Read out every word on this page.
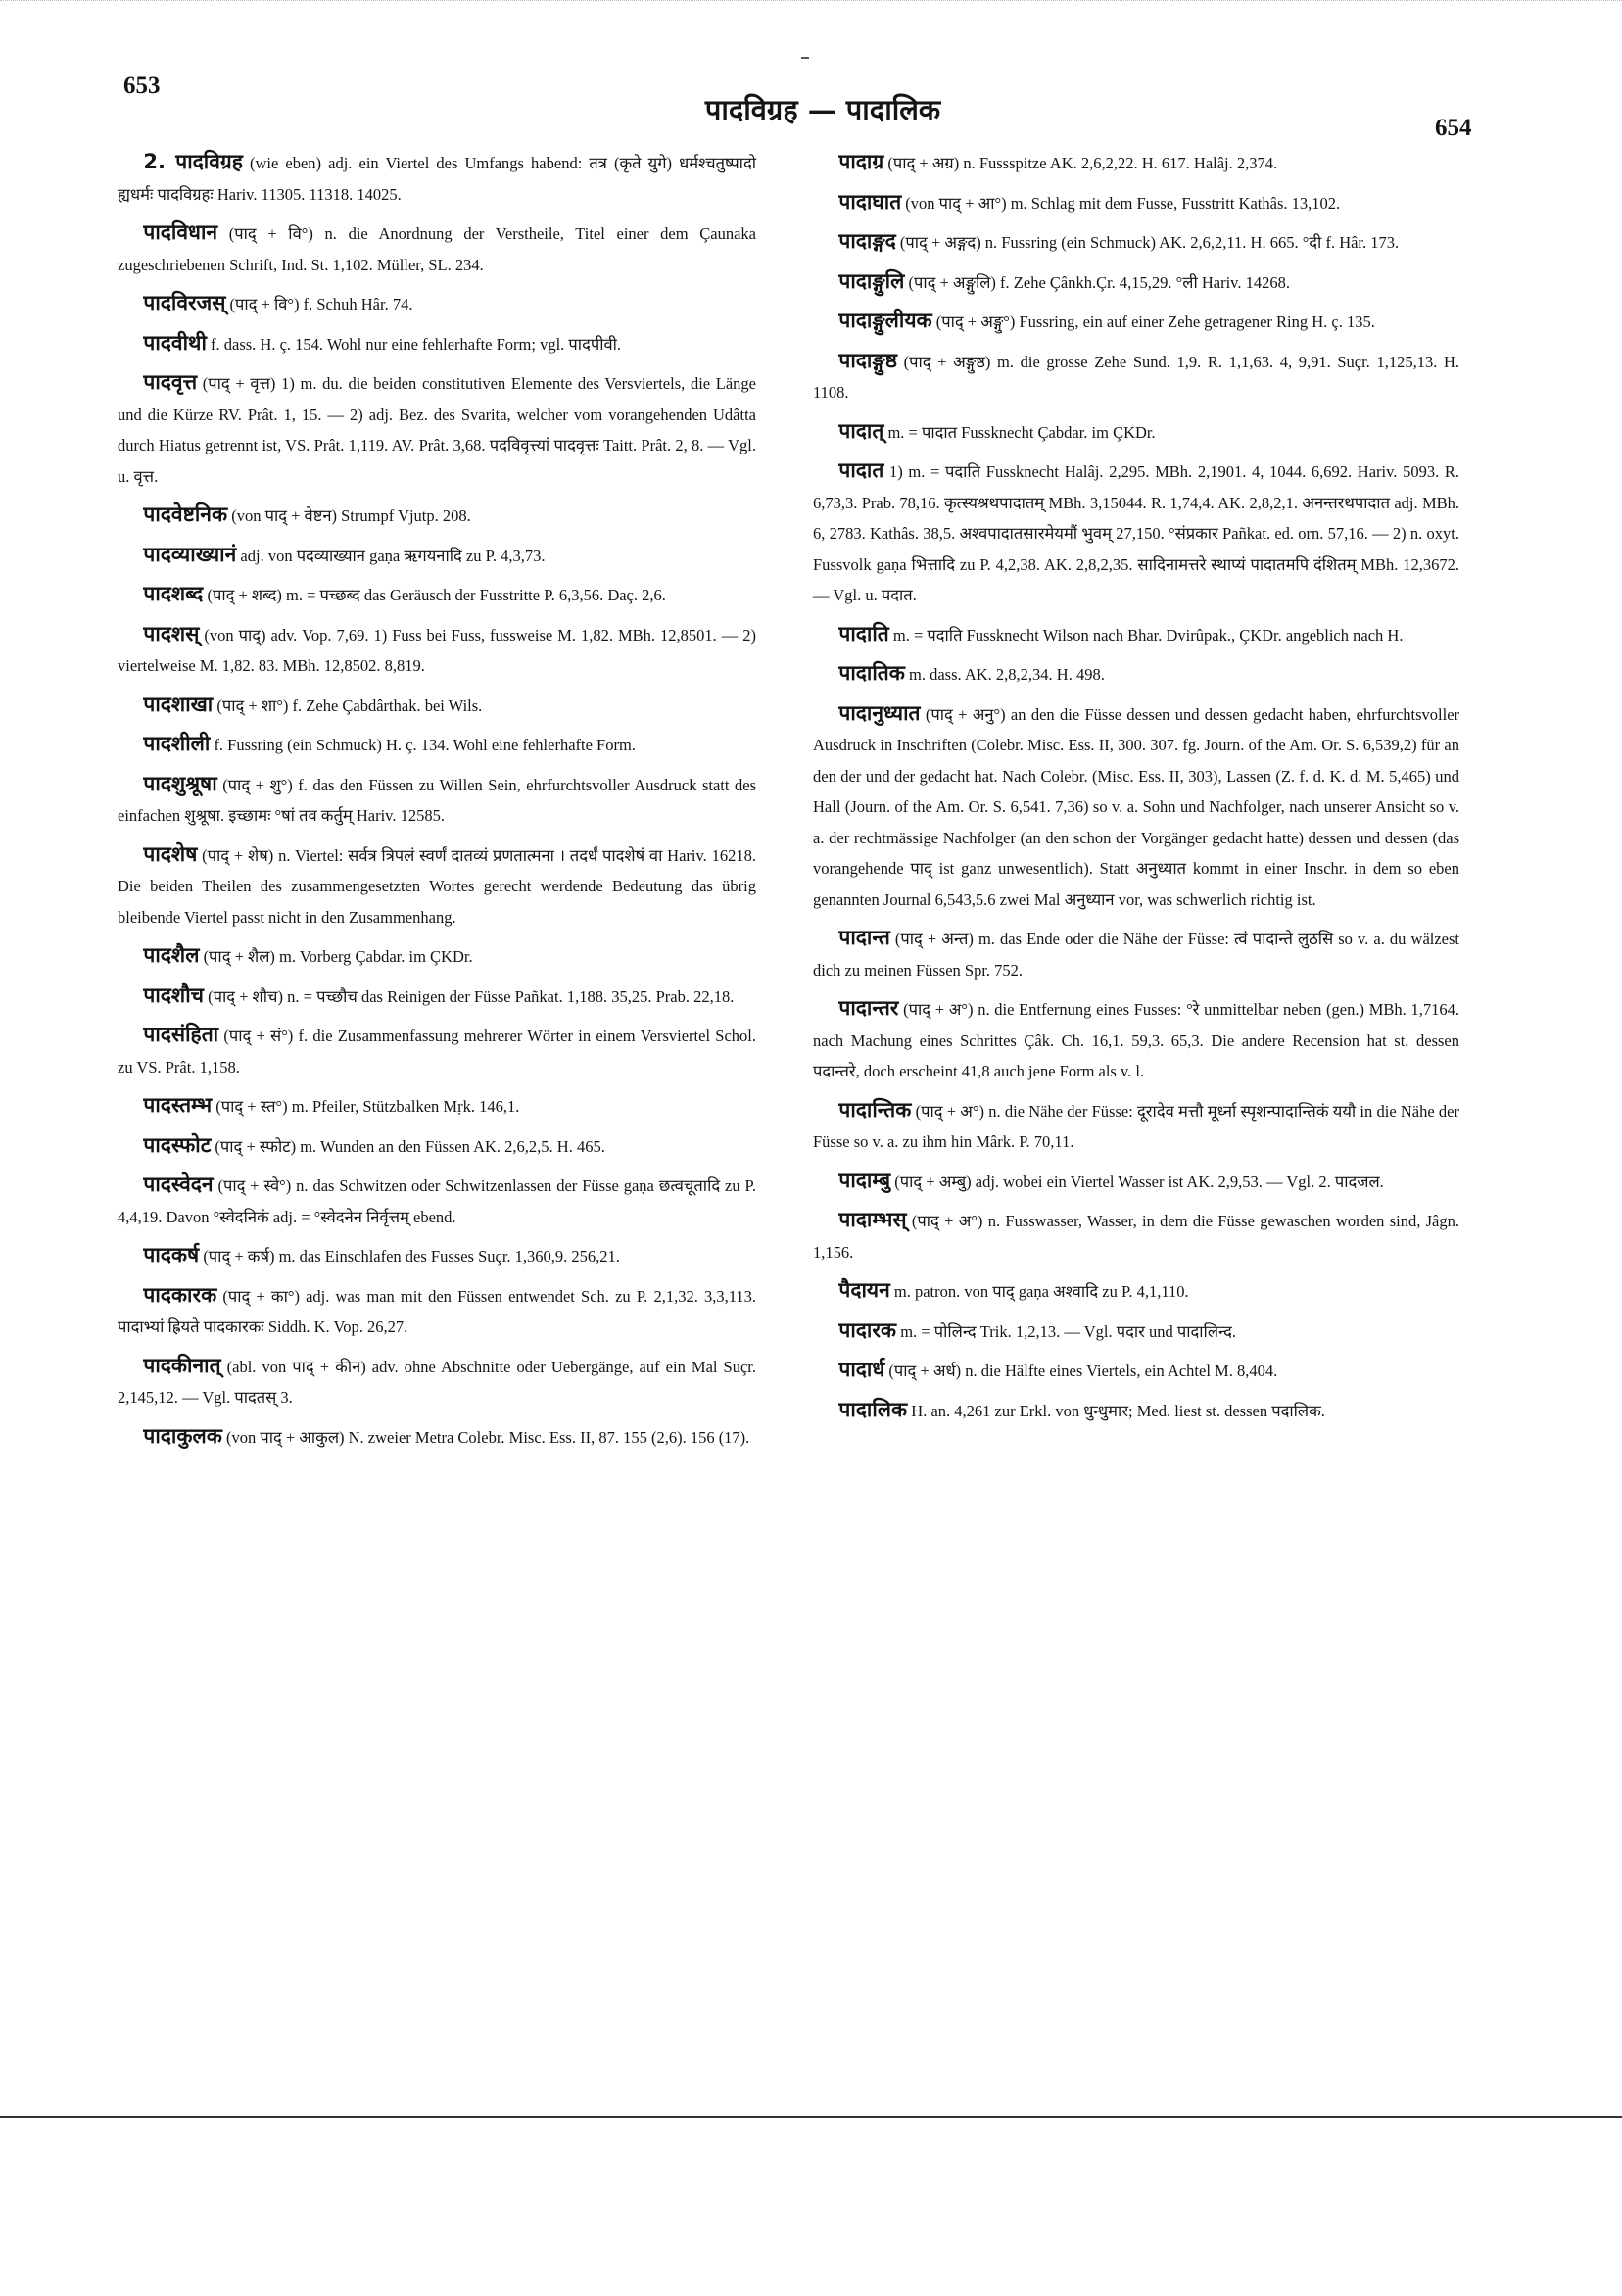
653
पादविग्रह — पादालिक
654

2. पादविग्रह (wie eben) adj. ein Viertel des Umfangs habend: तत्र (कृते युगे) धर्मश्चतुष्पादो ह्यधर्मः पादविग्रहः Hariv. 11305. 11318. 14025.

पादविधान (पाद् + वि°) n. die Anordnung der Verstheile, Titel einer dem Çaunaka zugeschriebenen Schrift, Ind. St. 1,102. Müller, SL. 234.

पादविरजस् (पाद् + वि°) f. Schuh Hâr. 74.

पादवीथी f. dass. H. ç. 154. Wohl nur eine fehlerhafte Form; vgl. पादपीवी.

पादवृत्त (पाद् + वृत्त) 1) m. du. die beiden constitutiven Elemente des Versviertels, die Länge und die Kürze RV. Prât. 1, 15. — 2) adj. Bez. des Svarita, welcher vom vorangehenden Udâtta durch Hiatus getrennt ist, VS. Prât. 1,119. AV. Prât. 3,68. पदविवृत्त्यां पादवृत्तः Taitt. Prât. 2, 8. — Vgl. u. वृत्त.

पादवेष्टनिक (von पाद् + वेष्टन) Strumpf Vjutp. 208.

पादव्याख्यानं adj. von पदव्याख्यान gaṇa ऋगयनादि zu P. 4,3,73.

पादशब्द (पाद् + शब्द) m. = पच्छब्द das Geräusch der Fusstritte P. 6,3,56. Daç. 2,6.

पादशस् (von पाद्) adv. Vop. 7,69. 1) Fuss bei Fuss, fussweise M. 1,82. MBh. 12,8501. — 2) viertelweise M. 1,82. 83. MBh. 12,8502. 8,819.

पादशाखा (पाद् + शा°) f. Zehe Çabdârthak. bei Wils.

पादशीली f. Fussring (ein Schmuck) H. ç. 134. Wohl eine fehlerhafte Form.

पादशुश्रूषा (पाद् + शु°) f. das den Füssen zu Willen Sein, ehrfurchtsvoller Ausdruck statt des einfachen शुश्रूषा. इच्छामः °षां तव कर्तुम् Hariv. 12585.

पादशेष (पाद् + शेष) n. Viertel: सर्वत्र त्रिपलं स्वर्णं दातव्यं प्रणतात्मना । तदर्धं पादशेषं वा Hariv. 16218. Die beiden Theilen des zusammengesetzten Wortes gerecht werdende Bedeutung das übrig bleibende Viertel passt nicht in den Zusammenhang.

पादशैल (पाद् + शैल) m. Vorberg Çabdar. im ÇKDr.

पादशौच (पाद् + शौच) n. = पच्छौच das Reinigen der Füsse Pañkat. 1,188. 35,25. Prab. 22,18.

पादसंहिता (पाद् + सं°) f. die Zusammenfassung mehrerer Wörter in einem Versviertel Schol. zu VS. Prât. 1,158.

पादस्तम्भ (पाद् + स्त°) m. Pfeiler, Stützbalken Mṛk. 146,1.

पादस्फोट (पाद् + स्फोट) m. Wunden an den Füssen AK. 2,6,2,5. H. 465.

पादस्वेदन (पाद् + स्वे°) n. das Schwitzen oder Schwitzenlassen der Füsse gaṇa छत्वचूतादि zu P. 4,4,19. Davon °स्वेदनिकं adj. = °स्वेदनेन निर्वृत्तम् ebend.

पादकर्ष (पाद् + कर्ष) m. das Einschlafen des Fusses Suçr. 1,360,9. 256,21.

पादकारक (पाद् + का°) adj. was man mit den Füssen entwendet Sch. zu P. 2,1,32. 3,3,113. पादाभ्यां ह्रियते पादकारकः Siddh. K. Vop. 26,27.

पादकीनात् (abl. von पाद् + कीन) adv. ohne Abschnitte oder Uebergänge, auf ein Mal Suçr. 2,145,12. — Vgl. पादतस् 3.

पादाकुलक (von पाद् + आकुल) N. zweier Metra Colebr. Misc. Ess. II, 87. 155 (2,6). 156 (17).

पादाग्र (पाद् + अग्र) n. Fussspitze AK. 2,6,2,22. H. 617. Halâj. 2,374.

पादाघात (von पाद् + आ°) m. Schlag mit dem Fusse, Fusstritt Kathâs. 13,102.

पादाङ्गद (पाद् + अङ्गद) n. Fussring (ein Schmuck) AK. 2,6,2,11. H. 665. °दी f. Hâr. 173.

पादाङ्गुलि (पाद् + अङ्गुलि) f. Zehe Çânkh.Çr. 4,15,29. °ली Hariv. 14268.

पादाङ्गुलीयक (पाद् + अङ्गु°) Fussring, ein auf einer Zehe getragener Ring H. ç. 135.

पादाङ्गुष्ठ (पाद् + अङ्गुष्ठ) m. die grosse Zehe Sund. 1,9. R. 1,1,63. 4, 9,91. Suçr. 1,125,13. H. 1108.

पादात् m. = पादात Fussknecht Çabdar. im ÇKDr.

पादात 1) m. = पदाति Fussknecht Halâj. 2,295. MBh. 2,1901. 4, 1044. 6,692. Hariv. 5093. R. 6,73,3. Prab. 78,16. कृत्स्यश्रथपादातम् MBh. 3,15044. R. 1,74,4. AK. 2,8,2,1. अनन्तरथपादात adj. MBh. 6, 2783. Kathâs. 38,5. अश्वपादातसारमेयमौं भुवम् 27,150. °संप्रकार Pañkat. ed. orn. 57,16. — 2) n. oxyt. Fussvolk gaṇa भित्तादि zu P. 4,2,38. AK. 2,8,2,35. सादिनामत्तरे स्थाप्यं पादातमपि दंशितम् MBh. 12,3672. — Vgl. u. पदात.

पादाति m. = पदाति Fussknecht Wilson nach Bhar. Dvirûpak., ÇKDr. angeblich nach H.

पादातिक m. dass. AK. 2,8,2,34. H. 498.

पादानुध्यात (पाद् + अनु°) an den die Füsse dessen und dessen gedacht haben, ehrfurchtsvoller Ausdruck in Inschriften (Colebr. Misc. Ess. II, 300. 307. fg. Journ. of the Am. Or. S. 6,539,2) für an den der und der gedacht hat. Nach Colebr. (Misc. Ess. II, 303), Lassen (Z. f. d. K. d. M. 5,465) und Hall (Journ. of the Am. Or. S. 6,541. 7,36) so v. a. Sohn und Nachfolger, nach unserer Ansicht so v. a. der rechtmässige Nachfolger (an den schon der Vorgänger gedacht hatte) dessen und dessen (das vorangehende पाद् ist ganz unwesentlich). Statt अनुध्यात kommt in einer Inschr. in dem so eben genannten Journal 6,543,5.6 zwei Mal अनुध्यान vor, was schwerlich richtig ist.

पादान्त (पाद् + अन्त) m. das Ende oder die Nähe der Füsse: त्वं पादान्ते लुठसि so v. a. du wälzest dich zu meinen Füssen Spr. 752.

पादान्तर (पाद् + अ°) n. die Entfernung eines Fusses: °रे unmittelbar neben (gen.) MBh. 1,7164. nach Machung eines Schrittes Çâk. Ch. 16,1. 59,3. 65,3. Die andere Recension hat st. dessen पदान्तरे, doch erscheint 41,8 auch jene Form als v. l.

पादान्तिक (पाद् + अ°) n. die Nähe der Füsse: दूरादेव मत्तौ मूर्ध्ना स्पृशन्पादान्तिकं ययौ in die Nähe der Füsse so v. a. zu ihm hin Mârk. P. 70,11.

पादाम्बु (पाद् + अम्बु) adj. wobei ein Viertel Wasser ist AK. 2,9,53. — Vgl. 2. पादजल.

पादाम्भस् (पाद् + अ°) n. Fusswasser, Wasser, in dem die Füsse gewaschen worden sind, Jâgn. 1,156.

पैदायन m. patron. von पाद् gaṇa अश्वादि zu P. 4,1,110.

पादारक m. = पोलिन्द Trik. 1,2,13. — Vgl. पदार und पादालिन्द.

पादार्ध (पाद् + अर्ध) n. die Hälfte eines Viertels, ein Achtel M. 8,404.

पादालिक H. an. 4,261 zur Erkl. von धुन्धुमार; Med. liest st. dessen पदालिक.
